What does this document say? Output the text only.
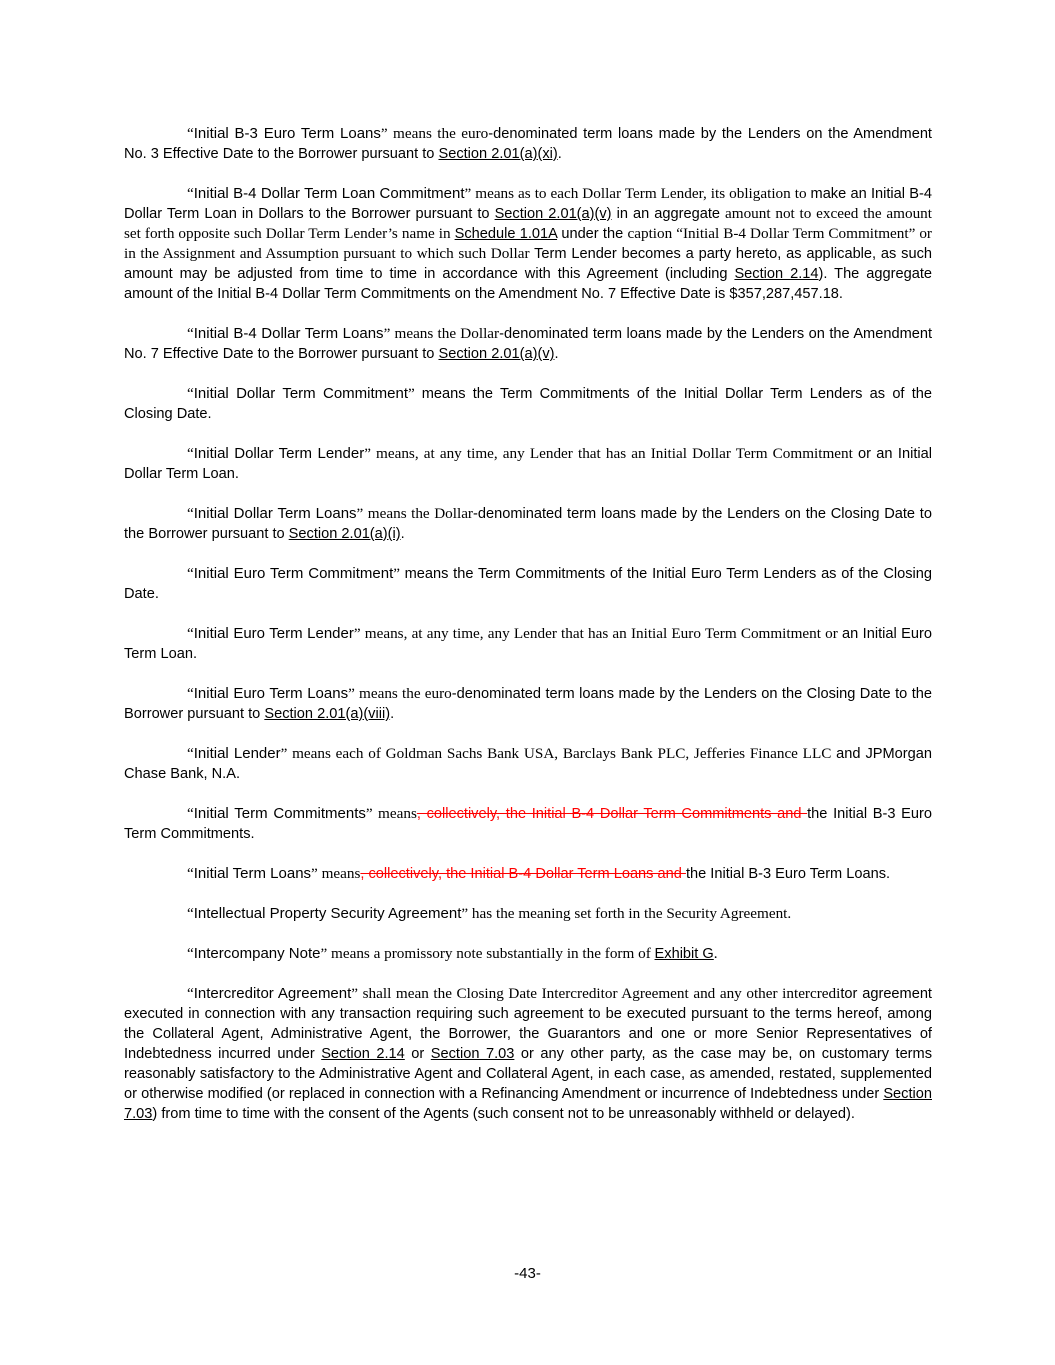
“Initial B-3 Euro Term Loans” means the euro-denominated term loans made by the Lenders on the Amendment No. 3 Effective Date to the Borrower pursuant to Section 2.01(a)(xi).

“Initial B-4 Dollar Term Loan Commitment” means as to each Dollar Term Lender, its obligation to make an Initial B-4 Dollar Term Loan in Dollars to the Borrower pursuant to Section 2.01(a)(v) in an aggregate amount not to exceed the amount set forth opposite such Dollar Term Lender’s name in Schedule 1.01A under the caption “Initial B-4 Dollar Term Commitment” or in the Assignment and Assumption pursuant to which such Dollar Term Lender becomes a party hereto, as applicable, as such amount may be adjusted from time to time in accordance with this Agreement (including Section 2.14). The aggregate amount of the Initial B-4 Dollar Term Commitments on the Amendment No. 7 Effective Date is $357,287,457.18.

“Initial B-4 Dollar Term Loans” means the Dollar-denominated term loans made by the Lenders on the Amendment No. 7 Effective Date to the Borrower pursuant to Section 2.01(a)(v).

“Initial Dollar Term Commitment” means the Term Commitments of the Initial Dollar Term Lenders as of the Closing Date.

“Initial Dollar Term Lender” means, at any time, any Lender that has an Initial Dollar Term Commitment or an Initial Dollar Term Loan.

“Initial Dollar Term Loans” means the Dollar-denominated term loans made by the Lenders on the Closing Date to the Borrower pursuant to Section 2.01(a)(i).

“Initial Euro Term Commitment” means the Term Commitments of the Initial Euro Term Lenders as of the Closing Date.

“Initial Euro Term Lender” means, at any time, any Lender that has an Initial Euro Term Commitment or an Initial Euro Term Loan.

“Initial Euro Term Loans” means the euro-denominated term loans made by the Lenders on the Closing Date to the Borrower pursuant to Section 2.01(a)(viii).

“Initial Lender” means each of Goldman Sachs Bank USA, Barclays Bank PLC, Jefferies Finance LLC and JPMorgan Chase Bank, N.A.

“Initial Term Commitments” means, collectively, the Initial B-4 Dollar Term Commitments and the Initial B-3 Euro Term Commitments.

“Initial Term Loans” means, collectively, the Initial B-4 Dollar Term Loans and the Initial B-3 Euro Term Loans.

“Intellectual Property Security Agreement” has the meaning set forth in the Security Agreement.

“Intercompany Note” means a promissory note substantially in the form of Exhibit G.

“Intercreditor Agreement” shall mean the Closing Date Intercreditor Agreement and any other intercreditor agreement executed in connection with any transaction requiring such agreement to be executed pursuant to the terms hereof, among the Collateral Agent, Administrative Agent, the Borrower, the Guarantors and one or more Senior Representatives of Indebtedness incurred under Section 2.14 or Section 7.03 or any other party, as the case may be, on customary terms reasonably satisfactory to the Administrative Agent and Collateral Agent, in each case, as amended, restated, supplemented or otherwise modified (or replaced in connection with a Refinancing Amendment or incurrence of Indebtedness under Section 7.03) from time to time with the consent of the Agents (such consent not to be unreasonably withheld or delayed).

-43-
